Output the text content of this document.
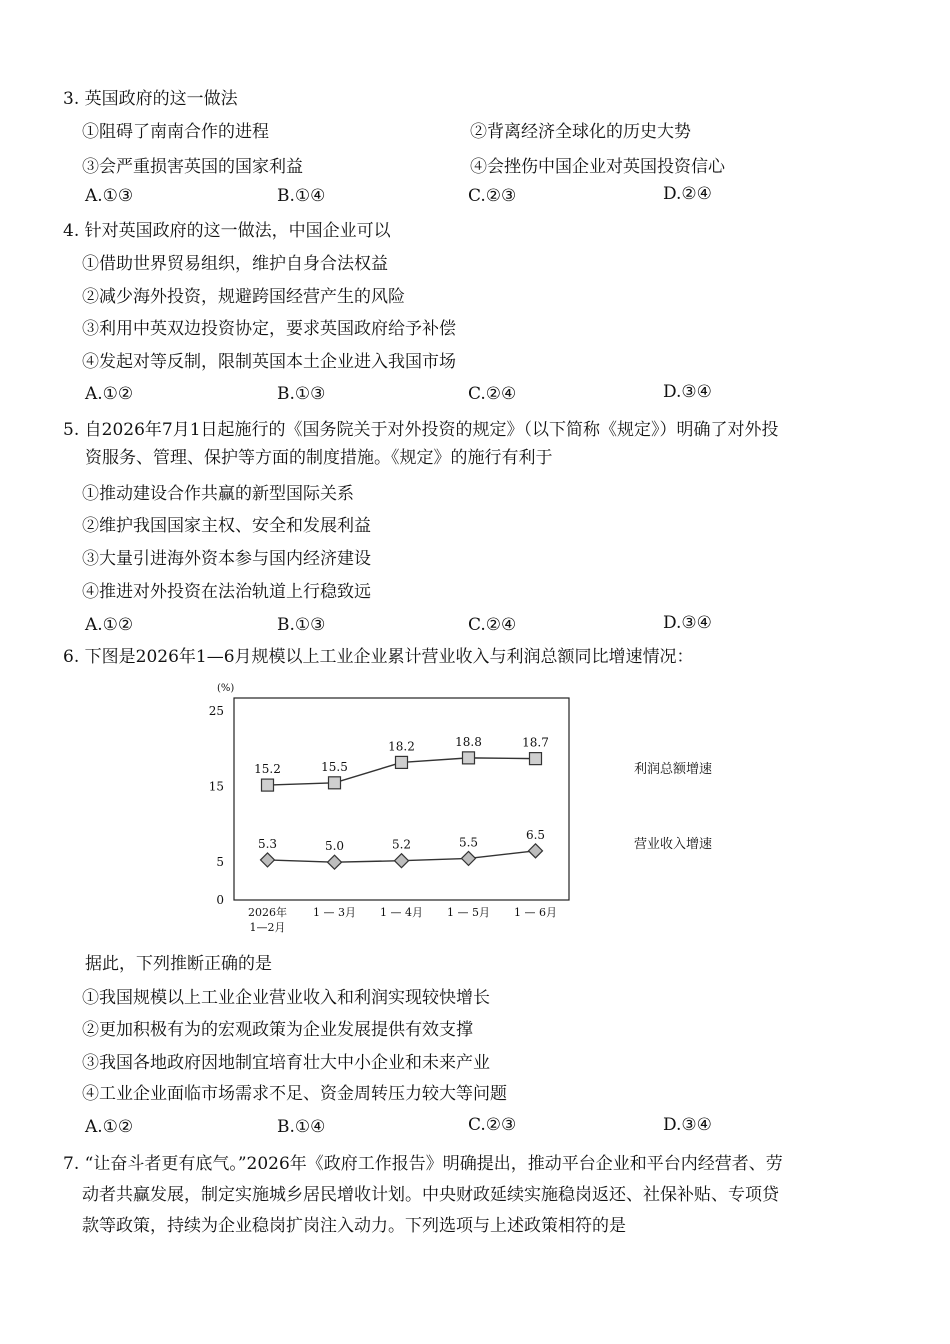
3. 英国政府的这一做法
①阻碍了南南合作的进程	②背离经济全球化的历史大势
③会严重损害英国的国家利益	④会挫伤中国企业对英国投资信心
A.①③	B.①④	C.②③	D.②④
4. 针对英国政府的这一做法，中国企业可以
①借助世界贸易组织，维护自身合法权益
②减少海外投资，规避跨国经营产生的风险
③利用中英双边投资协定，要求英国政府给予补偿
④发起对等反制，限制英国本土企业进入我国市场
A.①②	B.①③	C.②④	D.③④
5. 自2026年7月1日起施行的《国务院关于对外投资的规定》（以下简称《规定》）明确了对外投
资服务、管理、保护等方面的制度措施。《规定》的施行有利于
①推动建设合作共赢的新型国际关系
②维护我国国家主权、安全和发展利益
③大量引进海外资本参与国内经济建设
④推进对外投资在法治轨道上行稳致远
A.①②	B.①③	C.②④	D.③④
6. 下图是2026年1—6月规模以上工业企业累计营业收入与利润总额同比增速情况：
(%)
0
5
15
25
2026年
1—2月
1 — 3月 1 — 4月 1 — 5月 1 — 6月
15.2	15.5
18.2	18.8	18.7
5.3	5.0	5.2	5.5
6.5
利润总额增速
营业收入增速
据此，下列推断正确的是
①我国规模以上工业企业营业收入和利润实现较快增长
②更加积极有为的宏观政策为企业发展提供有效支撑
③我国各地政府因地制宜培育壮大中小企业和未来产业
④工业企业面临市场需求不足、资金周转压力较大等问题
A.①②	B.①④	C.②③	D.③④
7. “让奋斗者更有底气。”2026年《政府工作报告》明确提出，推动平台企业和平台内经营者、劳
动者共赢发展，制定实施城乡居民增收计划。中央财政延续实施稳岗返还、社保补贴、专项贷
款等政策，持续为企业稳岗扩岗注入动力。下列选项与上述政策相符的是
